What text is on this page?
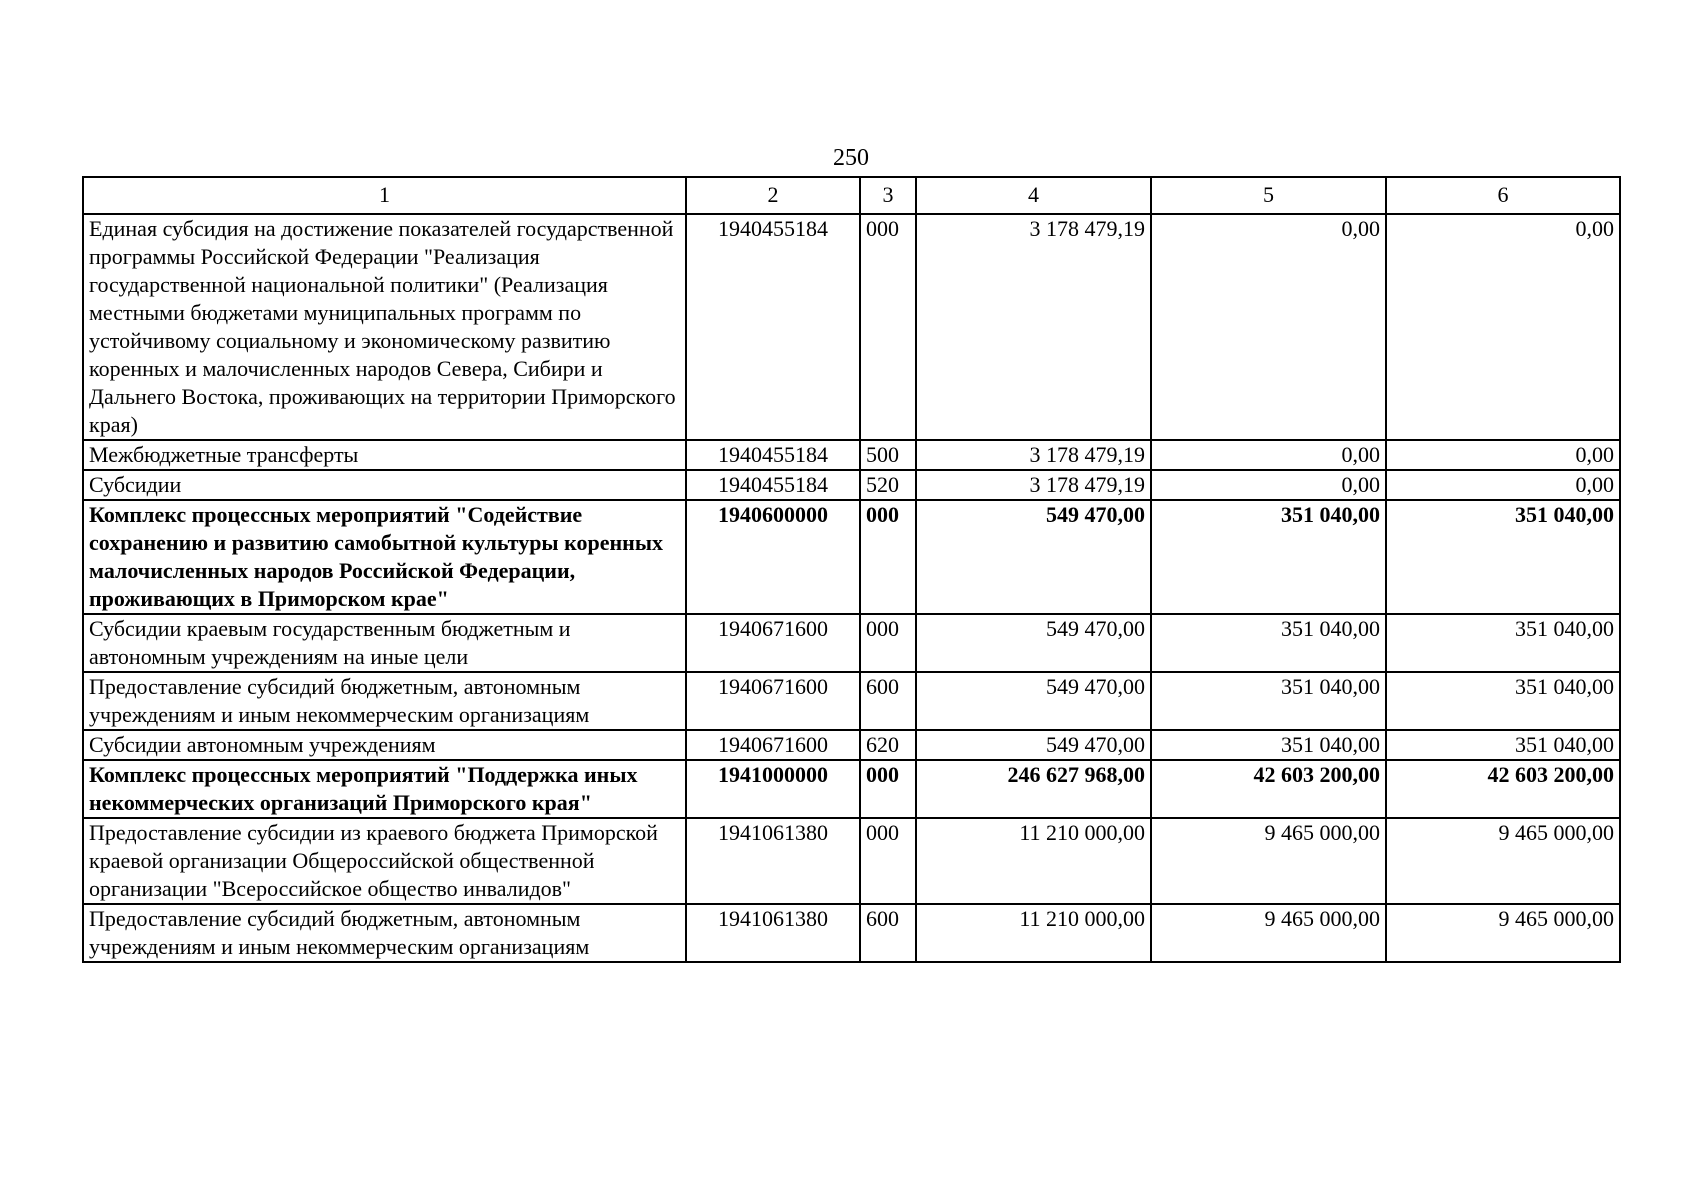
250
1	2	3	4	5	6
Единая субсидия на достижение показателей государственной программы Российской Федерации "Реализация государственной национальной политики" (Реализация местными бюджетами муниципальных программ по устойчивому социальному и экономическому развитию коренных и малочисленных народов Севера, Сибири и Дальнего Востока, проживающих на территории Приморского края)	1940455184	000	3 178 479,19	0,00	0,00
Межбюджетные трансферты	1940455184	500	3 178 479,19	0,00	0,00
Субсидии	1940455184	520	3 178 479,19	0,00	0,00
Комплекс процессных мероприятий "Содействие сохранению и развитию самобытной культуры коренных малочисленных народов Российской Федерации, проживающих в Приморском крае"	1940600000	000	549 470,00	351 040,00	351 040,00
Субсидии краевым государственным бюджетным и автономным учреждениям на иные цели	1940671600	000	549 470,00	351 040,00	351 040,00
Предоставление субсидий бюджетным, автономным учреждениям и иным некоммерческим организациям	1940671600	600	549 470,00	351 040,00	351 040,00
Субсидии автономным учреждениям	1940671600	620	549 470,00	351 040,00	351 040,00
Комплекс процессных мероприятий "Поддержка иных некоммерческих организаций Приморского края"	1941000000	000	246 627 968,00	42 603 200,00	42 603 200,00
Предоставление субсидии из краевого бюджета Приморской краевой организации Общероссийской общественной организации "Всероссийское общество инвалидов"	1941061380	000	11 210 000,00	9 465 000,00	9 465 000,00
Предоставление субсидий бюджетным, автономным учреждениям и иным некоммерческим организациям	1941061380	600	11 210 000,00	9 465 000,00	9 465 000,00
